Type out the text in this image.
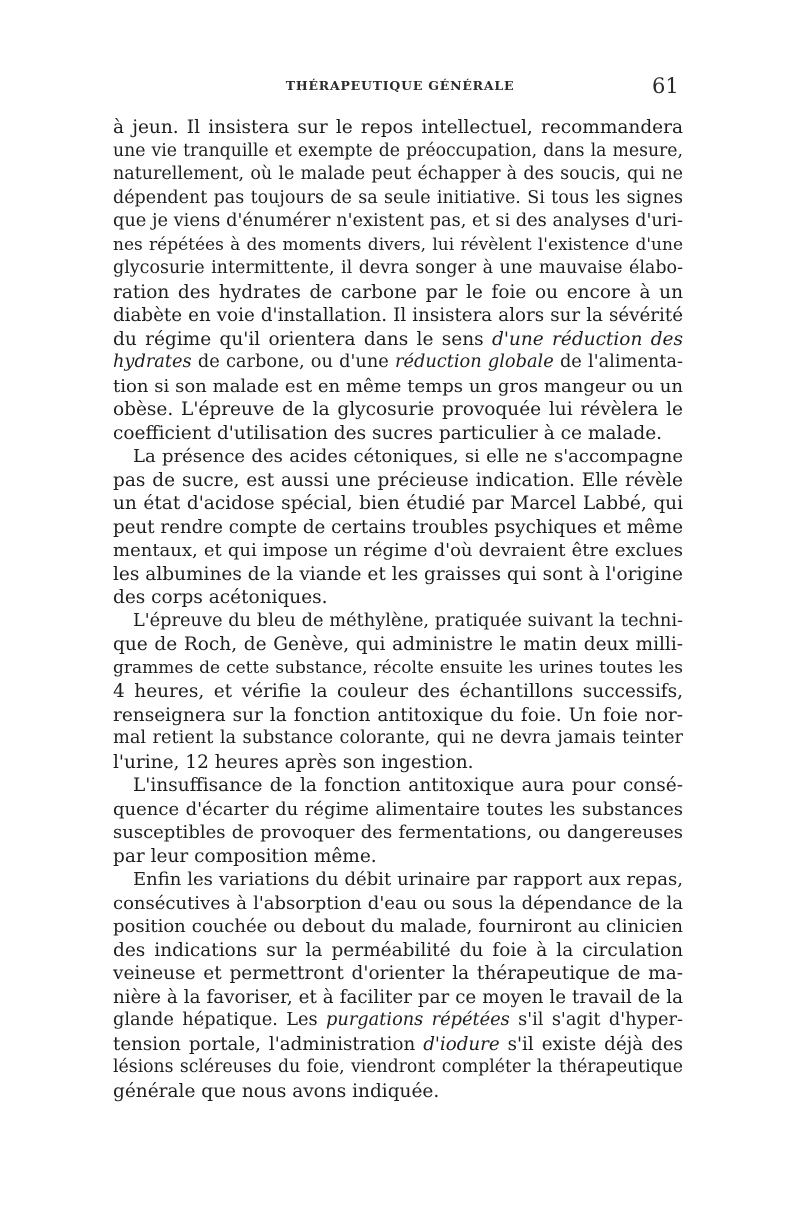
THÉRAPEUTIQUE GÉNÉRALE	61
à jeun. Il insistera sur le repos intellectuel, recommandera
une vie tranquille et exempte de préoccupation, dans la mesure,
naturellement, où le malade peut échapper à des soucis, qui ne
dépendent pas toujours de sa seule initiative. Si tous les signes
que je viens d'énumérer n'existent pas, et si des analyses d'uri-
nes répétées à des moments divers, lui révèlent l'existence d'une
glycosurie intermittente, il devra songer à une mauvaise élabo-
ration des hydrates de carbone par le foie ou encore à un
diabète en voie d'installation. Il insistera alors sur la sévérité
du régime qu'il orientera dans le sens d'une réduction des
hydrates de carbone, ou d'une réduction globale de l'alimenta-
tion si son malade est en même temps un gros mangeur ou un
obèse. L'épreuve de la glycosurie provoquée lui révèlera le
coefficient d'utilisation des sucres particulier à ce malade.
La présence des acides cétoniques, si elle ne s'accompagne
pas de sucre, est aussi une précieuse indication. Elle révèle
un état d'acidose spécial, bien étudié par Marcel Labbé, qui
peut rendre compte de certains troubles psychiques et même
mentaux, et qui impose un régime d'où devraient être exclues
les albumines de la viande et les graisses qui sont à l'origine
des corps acétoniques.
L'épreuve du bleu de méthylène, pratiquée suivant la techni-
que de Roch, de Genève, qui administre le matin deux milli-
grammes de cette substance, récolte ensuite les urines toutes les
4 heures, et vérifie la couleur des échantillons successifs,
renseignera sur la fonction antitoxique du foie. Un foie nor-
mal retient la substance colorante, qui ne devra jamais teinter
l'urine, 12 heures après son ingestion.
L'insuffisance de la fonction antitoxique aura pour consé-
quence d'écarter du régime alimentaire toutes les substances
susceptibles de provoquer des fermentations, ou dangereuses
par leur composition même.
Enfin les variations du débit urinaire par rapport aux repas,
consécutives à l'absorption d'eau ou sous la dépendance de la
position couchée ou debout du malade, fourniront au clinicien
des indications sur la perméabilité du foie à la circulation
veineuse et permettront d'orienter la thérapeutique de ma-
nière à la favoriser, et à faciliter par ce moyen le travail de la
glande hépatique. Les purgations répétées s'il s'agit d'hyper-
tension portale, l'administration d'iodure s'il existe déjà des
lésions scléreuses du foie, viendront compléter la thérapeutique
générale que nous avons indiquée.
